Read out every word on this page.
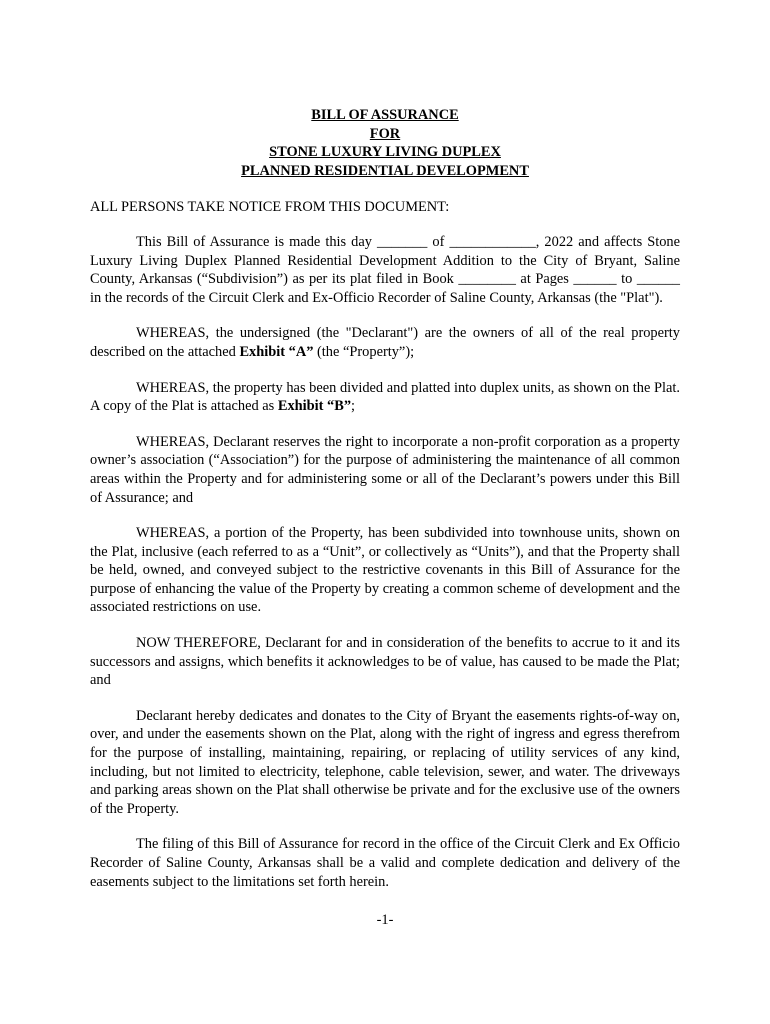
BILL OF ASSURANCE
FOR
STONE LUXURY LIVING DUPLEX
PLANNED RESIDENTIAL DEVELOPMENT
ALL PERSONS TAKE NOTICE FROM THIS DOCUMENT:

This Bill of Assurance is made this day _______ of ____________, 2022 and affects Stone Luxury Living Duplex Planned Residential Development Addition to the City of Bryant, Saline County, Arkansas (“Subdivision”) as per its plat filed in Book ________ at Pages ______ to ______ in the records of the Circuit Clerk and Ex-Officio Recorder of Saline County, Arkansas (the "Plat").

WHEREAS, the undersigned (the "Declarant") are the owners of all of the real property described on the attached Exhibit “A” (the “Property”);

WHEREAS, the property has been divided and platted into duplex units, as shown on the Plat. A copy of the Plat is attached as Exhibit “B”;

WHEREAS, Declarant reserves the right to incorporate a non-profit corporation as a property owner’s association (“Association”) for the purpose of administering the maintenance of all common areas within the Property and for administering some or all of the Declarant’s powers under this Bill of Assurance; and

WHEREAS, a portion of the Property, has been subdivided into townhouse units, shown on the Plat, inclusive (each referred to as a “Unit”, or collectively as “Units”), and that the Property shall be held, owned, and conveyed subject to the restrictive covenants in this Bill of Assurance for the purpose of enhancing the value of the Property by creating a common scheme of development and the associated restrictions on use.

NOW THEREFORE, Declarant for and in consideration of the benefits to accrue to it and its successors and assigns, which benefits it acknowledges to be of value, has caused to be made the Plat; and

Declarant hereby dedicates and donates to the City of Bryant the easements rights-of-way on, over, and under the easements shown on the Plat, along with the right of ingress and egress therefrom for the purpose of installing, maintaining, repairing, or replacing of utility services of any kind, including, but not limited to electricity, telephone, cable television, sewer, and water. The driveways and parking areas shown on the Plat shall otherwise be private and for the exclusive use of the owners of the Property.

The filing of this Bill of Assurance for record in the office of the Circuit Clerk and Ex Officio Recorder of Saline County, Arkansas shall be a valid and complete dedication and delivery of the easements subject to the limitations set forth herein.

-1-
